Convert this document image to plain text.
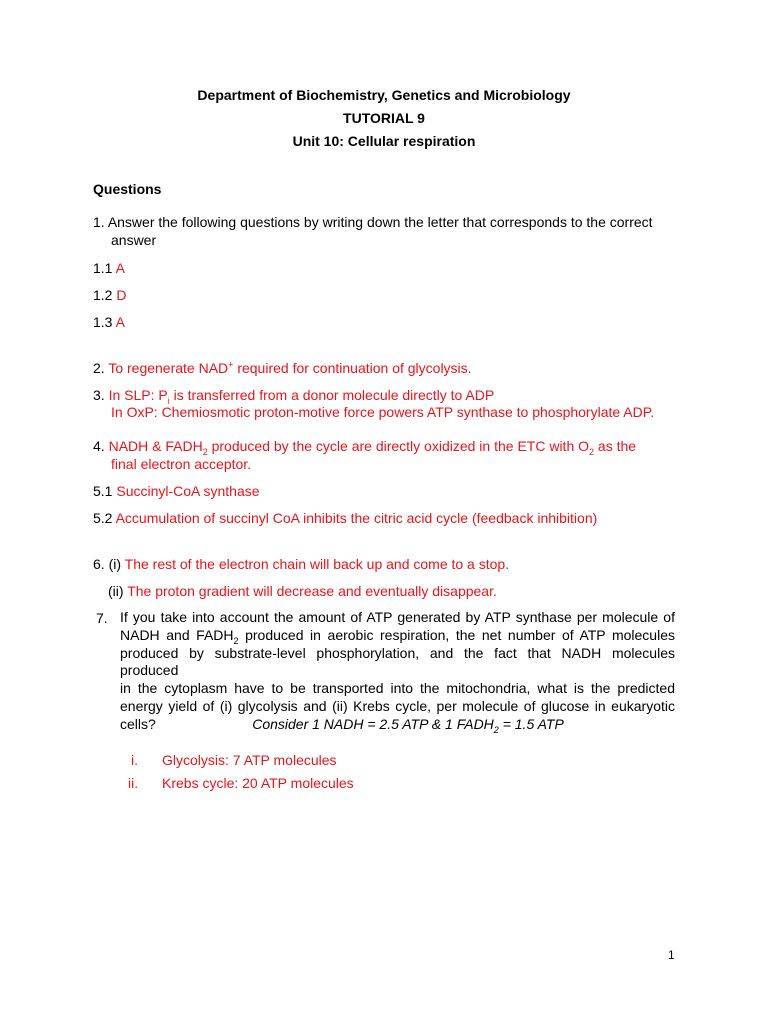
Department of Biochemistry, Genetics and Microbiology
TUTORIAL 9
Unit 10: Cellular respiration
Questions
1. Answer the following questions by writing down the letter that corresponds to the correct
answer
1.1 A
1.2 D
1.3 A
2. To regenerate NAD+ required for continuation of glycolysis.
3. In SLP: $P_i$ is transferred from a donor molecule directly to ADP
In OxP: Chemiosmotic proton-motive force powers ATP synthase to phosphorylate ADP.
4. NADH & $FADH_2$ produced by the cycle are directly oxidized in the ETC with $O_2$ as the
final electron acceptor.
5.1 Succinyl-CoA synthase
5.2 Accumulation of succinyl CoA inhibits the citric acid cycle (feedback inhibition)
6. (i) The rest of the electron chain will back up and come to a stop.
(ii) The proton gradient will decrease and eventually disappear.
7. If you take into account the amount of ATP generated by ATP synthase per molecule of
NADH and $FADH_2$ produced in aerobic respiration, the net number of ATP molecules
produced by substrate-level phosphorylation, and the fact that NADH molecules produced
in the cytoplasm have to be transported into the mitochondria, what is the predicted
energy yield of (i) glycolysis and (ii) Krebs cycle, per molecule of glucose in eukaryotic
cells?	Consider 1 NADH = 2.5 ATP & 1 $FADH_2 = 1.5$ ATP
i. Glycolysis: 7 ATP molecules
ii. Krebs cycle: 20 ATP molecules
1
